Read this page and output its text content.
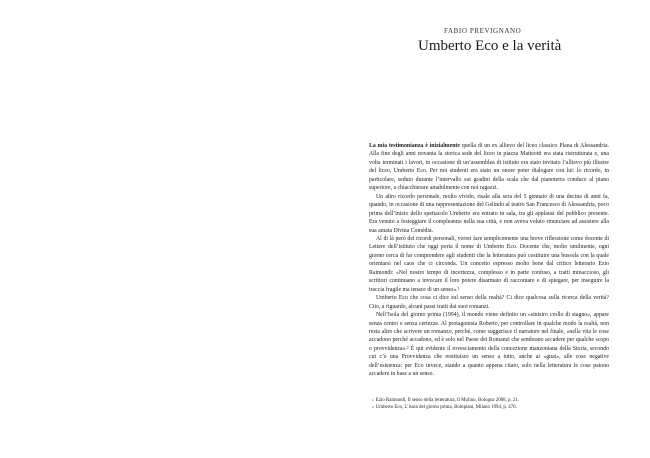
FABIO PREVIGNANO
Umberto Eco e la verità

La mia testimonianza è inizialmente quella di un ex allievo del liceo classico Plana di Alessandria. Alla fine degli anni novanta la storica sede del liceo in piazza Matteotti era stata ristrutturata e, una volta terminati i lavori, in occasione di un’assemblea di istituto era stato invitato l’allievo più illustre del liceo, Umberto Eco. Per noi studenti era stato un onore poter dialogare con lui: lo ricordo, in particolare, seduto durante l’intervallo sui gradini della scala che dal pianoterra conduce al piano superiore, a chiacchierare amabilmente con noi ragazzi.

Un altro ricordo personale, molto vivido, risale alla sera del 5 gennaio di una decina di anni fa, quando, in occasione di una rappresentazione del Gelindo al teatro San Francesco di Alessandria, poco prima dell’inizio dello spettacolo Umberto era entrato in sala, tra gli applausi del pubblico presente. Era venuto a festeggiare il compleanno nella sua città, e non aveva voluto rinunciare ad assistere alla sua amata Divina Comèdia.

Al di là però dei ricordi personali, vorrei fare semplicemente una breve riflessione come docente di Lettere dell’istituto che oggi porta il nome di Umberto Eco. Docente che, molto umilmente, ogni giorno cerca di far comprendere agli studenti che la letteratura può costituire una bussola con la quale orientarsi nel caos che ci circonda. Un concetto espresso molto bene dal critico letterario Ezio Raimondi: «Nel nostro tempo di incertezza, complesso e in parte confuso, a tratti minaccioso, gli scrittori continuano a invocare il loro potere disarmato di raccontare e di spiegare, per inseguire la traccia fragile ma tenace di un senso».¹

Umberto Eco che cosa ci dice sul senso della realtà? Ci dice qualcosa sulla ricerca della verità? Cito, a riguardo, alcuni passi tratti dai suoi romanzi.

Nell’Isola del giorno prima (1994), il mondo viene definito un «sinistro crollo di stagno», appare senza centro e senza certezze. Al protagonista Roberto, per controllare in qualche modo la realtà, non resta altro che scrivere un romanzo, perché, come suggerisce il narratore nel finale, «nella vita le cose accadono perché accadono, ed è solo nel Paese dei Romanzi che sembrano accadere per qualche scopo o provvidenza».² È qui evidente il rovesciamento della concezione manzoniana della Storia, secondo cui c’è una Provvidenza che restituisce un senso a tutto, anche ai «guai», alle cose negative dell’esistenza: per Eco invece, stando a quanto appena citato, solo nella letteratura le cose paiono accadere in base a un senso.

$^1$ Ezio Raimondi, Il senso della letteratura, Il Mulino, Bologna 2008, p. 21.
$^2$ Umberto Eco, L’isola del giorno prima, Bompiani, Milano 1994, p. 470.
